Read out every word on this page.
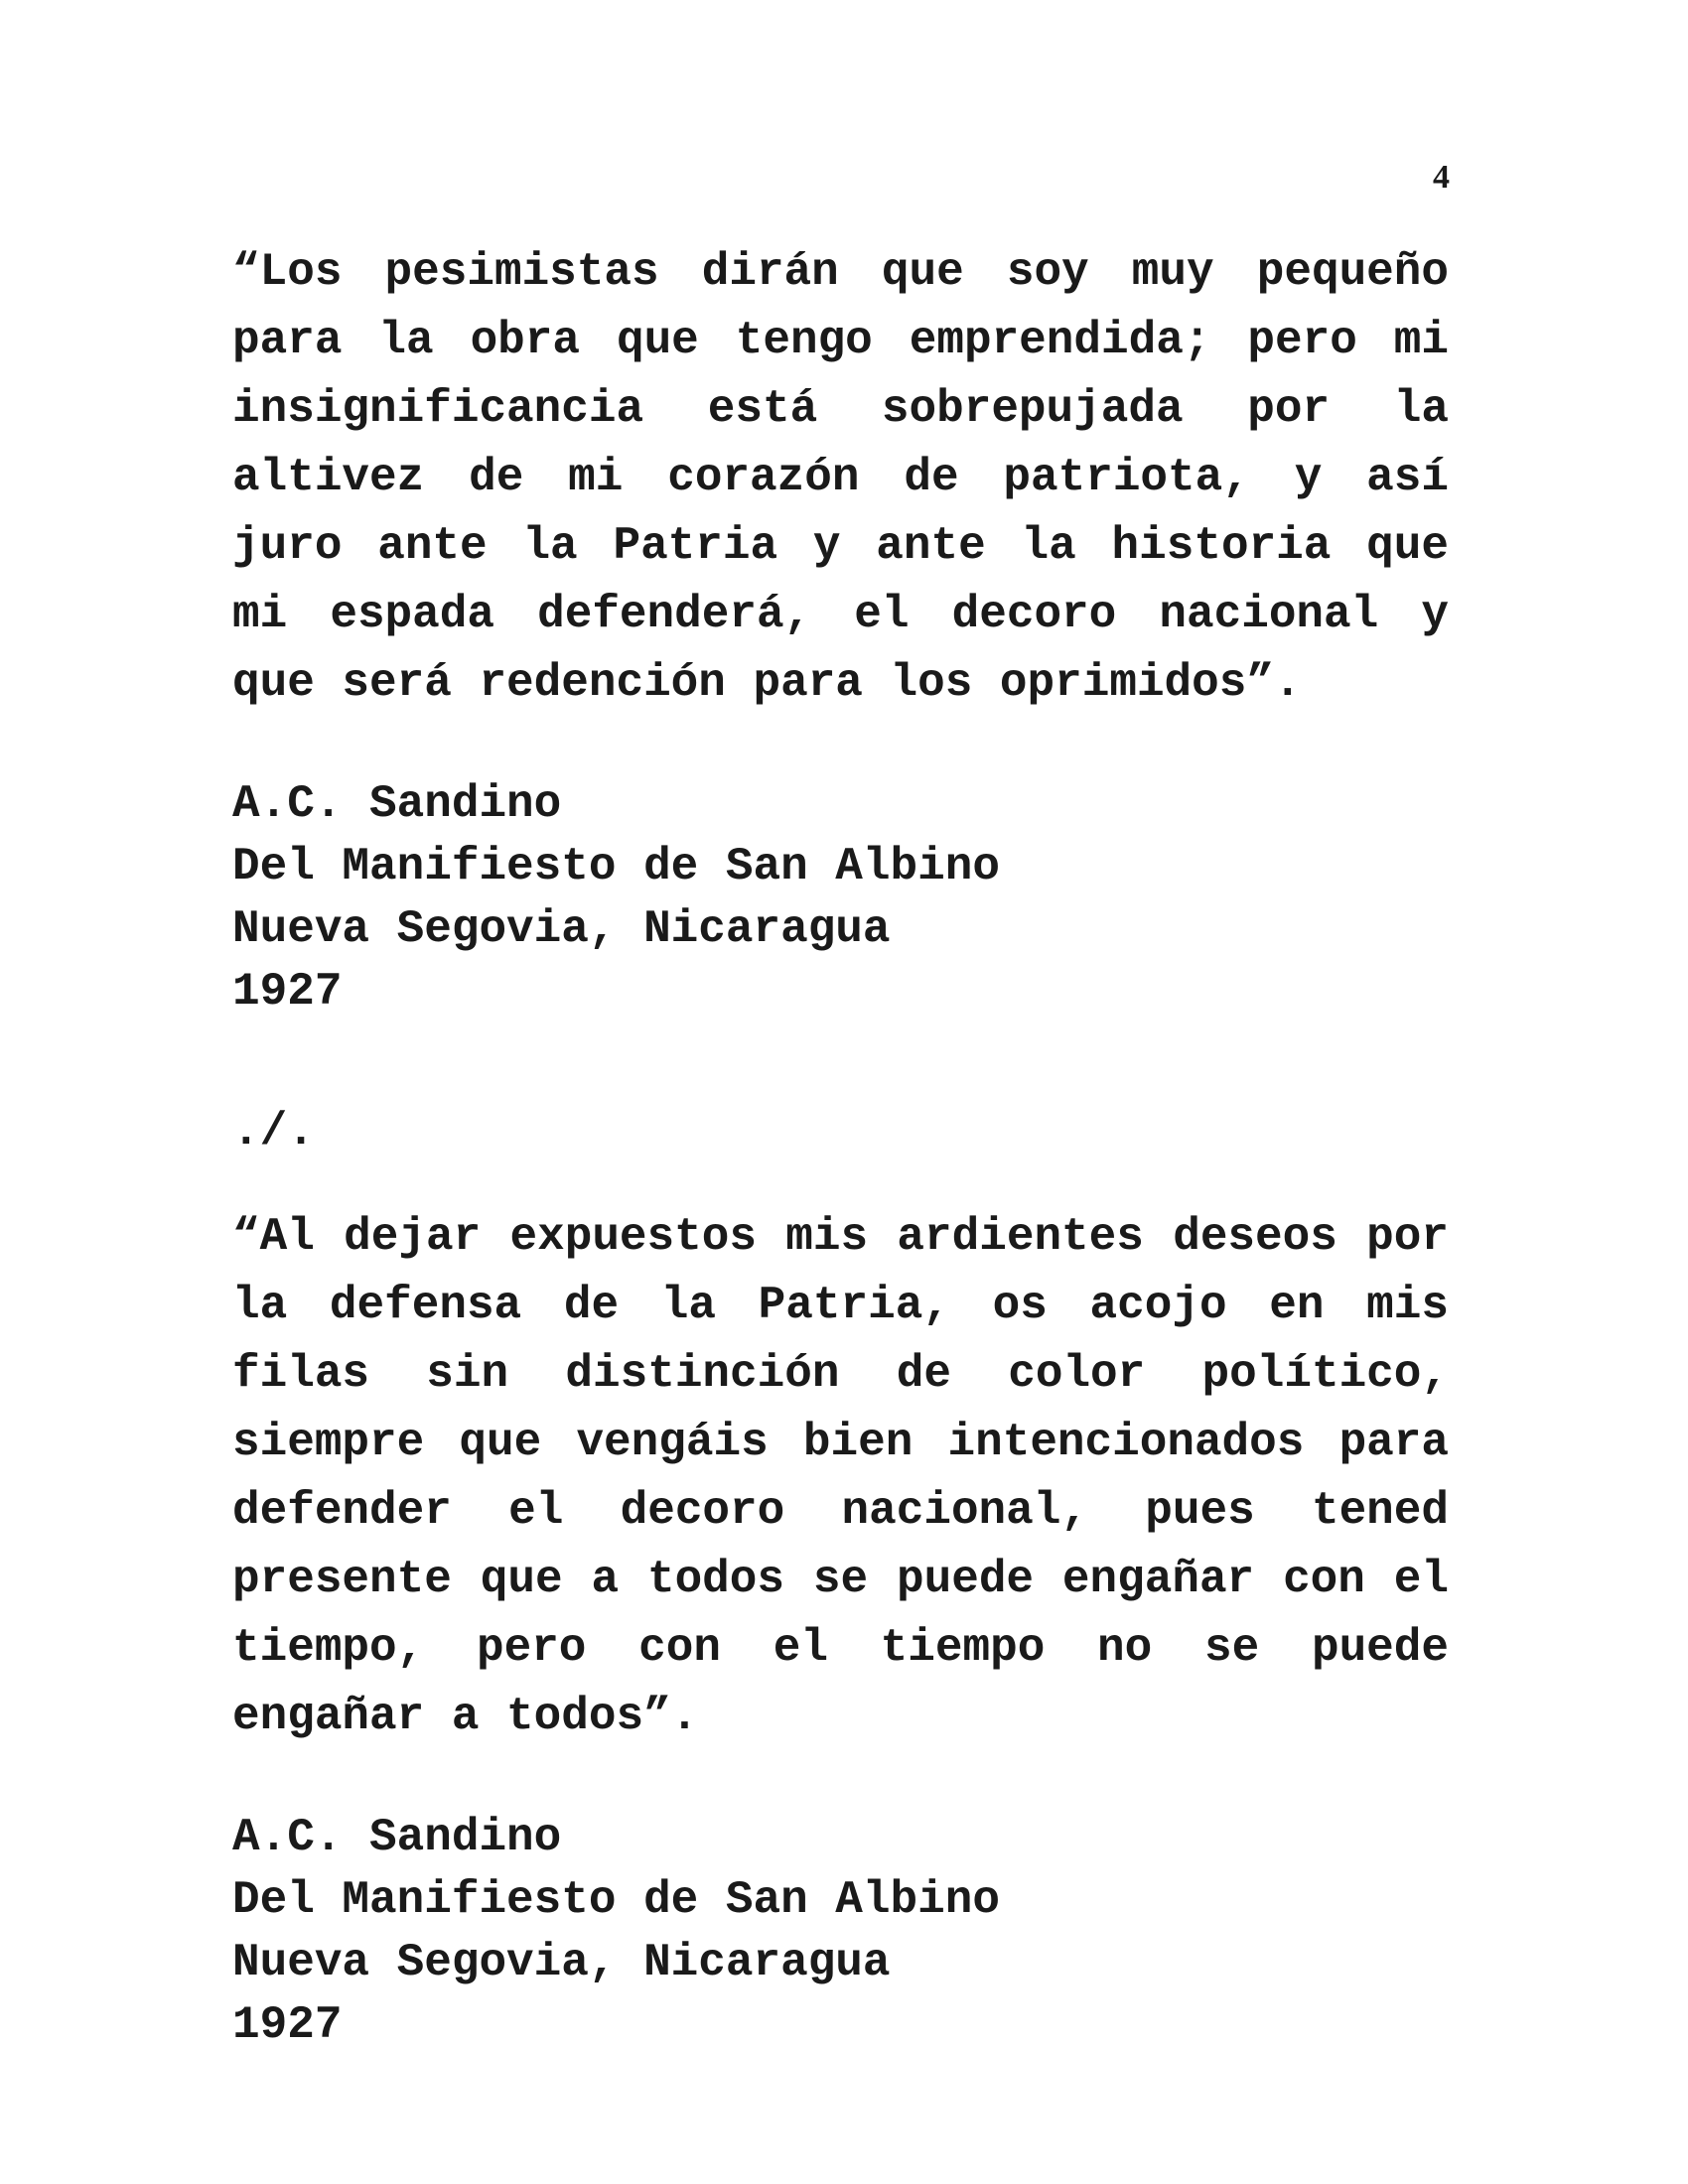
4

“Los pesimistas dirán que soy muy pequeño para la obra que tengo emprendida; pero mi insignificancia está sobrepujada por la altivez de mi corazón de patriota, y así juro ante la Patria y ante la historia que mi espada defenderá, el decoro nacional y que será redención para los oprimidos”.

A.C. Sandino
Del Manifiesto de San Albino
Nueva Segovia, Nicaragua
1927
./.

“Al dejar expuestos mis ardientes deseos por la defensa de la Patria, os acojo en mis filas sin distinción de color político, siempre que vengáis bien intencionados para defender el decoro nacional, pues tened presente que a todos se puede engañar con el tiempo, pero con el tiempo no se puede engañar a todos”.

A.C. Sandino
Del Manifiesto de San Albino
Nueva Segovia, Nicaragua
1927
